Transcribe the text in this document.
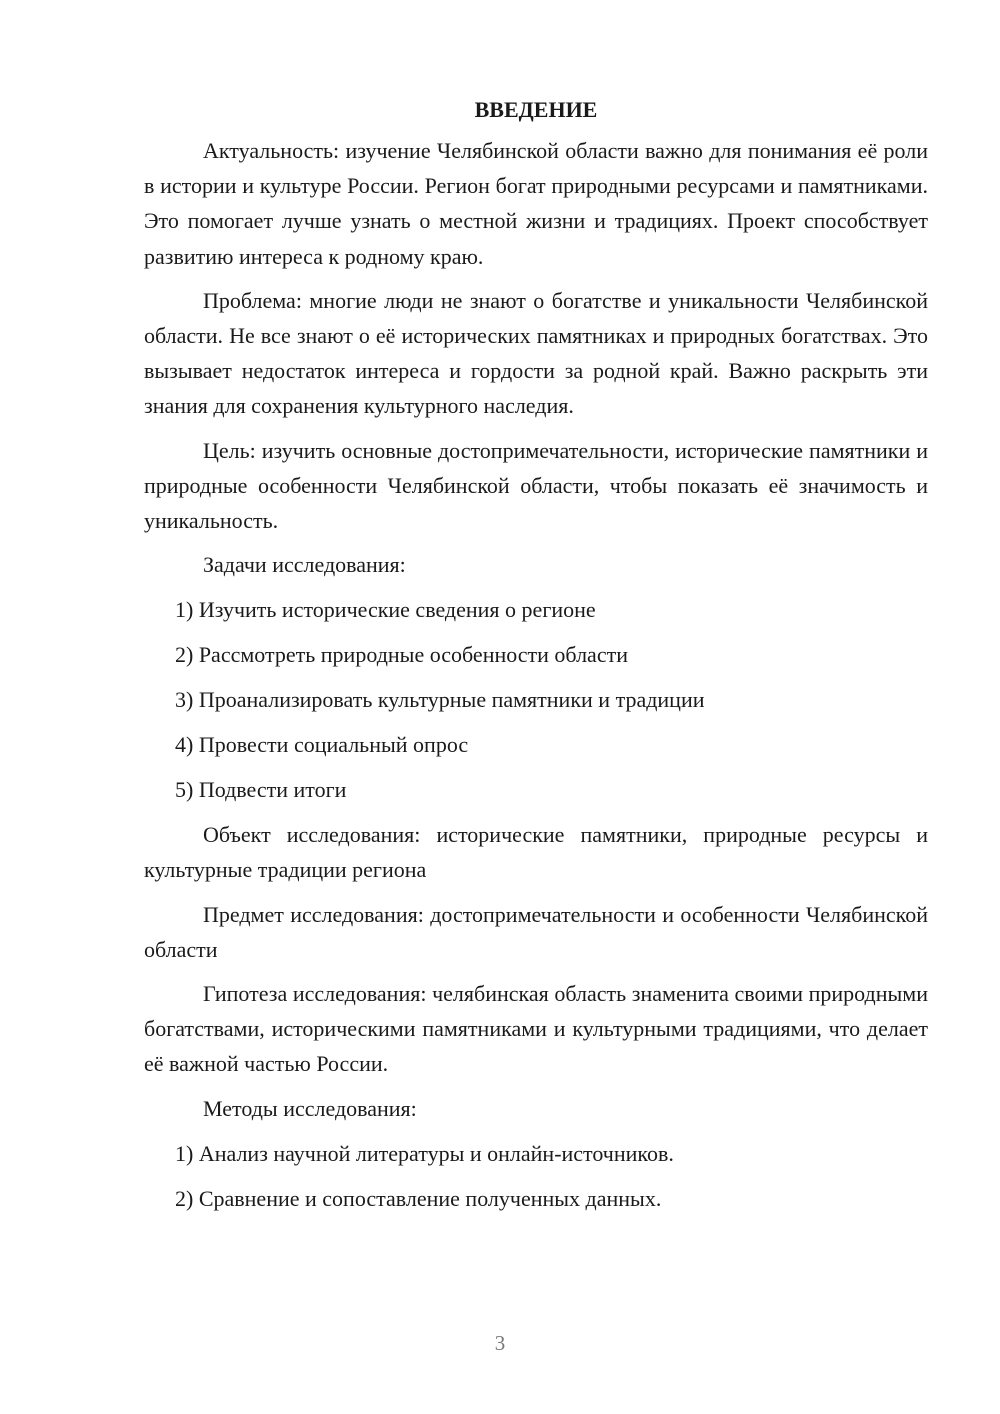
ВВЕДЕНИЕ

Актуальность: изучение Челябинской области важно для понимания её роли в истории и культуре России. Регион богат природными ресурсами и памятниками. Это помогает лучше узнать о местной жизни и традициях. Проект способствует развитию интереса к родному краю.

Проблема: многие люди не знают о богатстве и уникальности Челябинской области. Не все знают о её исторических памятниках и природных богатствах. Это вызывает недостаток интереса и гордости за родной край. Важно раскрыть эти знания для сохранения культурного наследия.

Цель: изучить основные достопримечательности, исторические памятники и природные особенности Челябинской области, чтобы показать её значимость и уникальность.

Задачи исследования:
1) Изучить исторические сведения о регионе
2) Рассмотреть природные особенности области
3) Проанализировать культурные памятники и традиции
4) Провести социальный опрос
5) Подвести итоги

Объект исследования: исторические памятники, природные ресурсы и культурные традиции региона

Предмет исследования: достопримечательности и особенности Челябинской области

Гипотеза исследования: челябинская область знаменита своими природными богатствами, историческими памятниками и культурными традициями, что делает её важной частью России.

Методы исследования:
1) Анализ научной литературы и онлайн-источников.
2) Сравнение и сопоставление полученных данных.
3
